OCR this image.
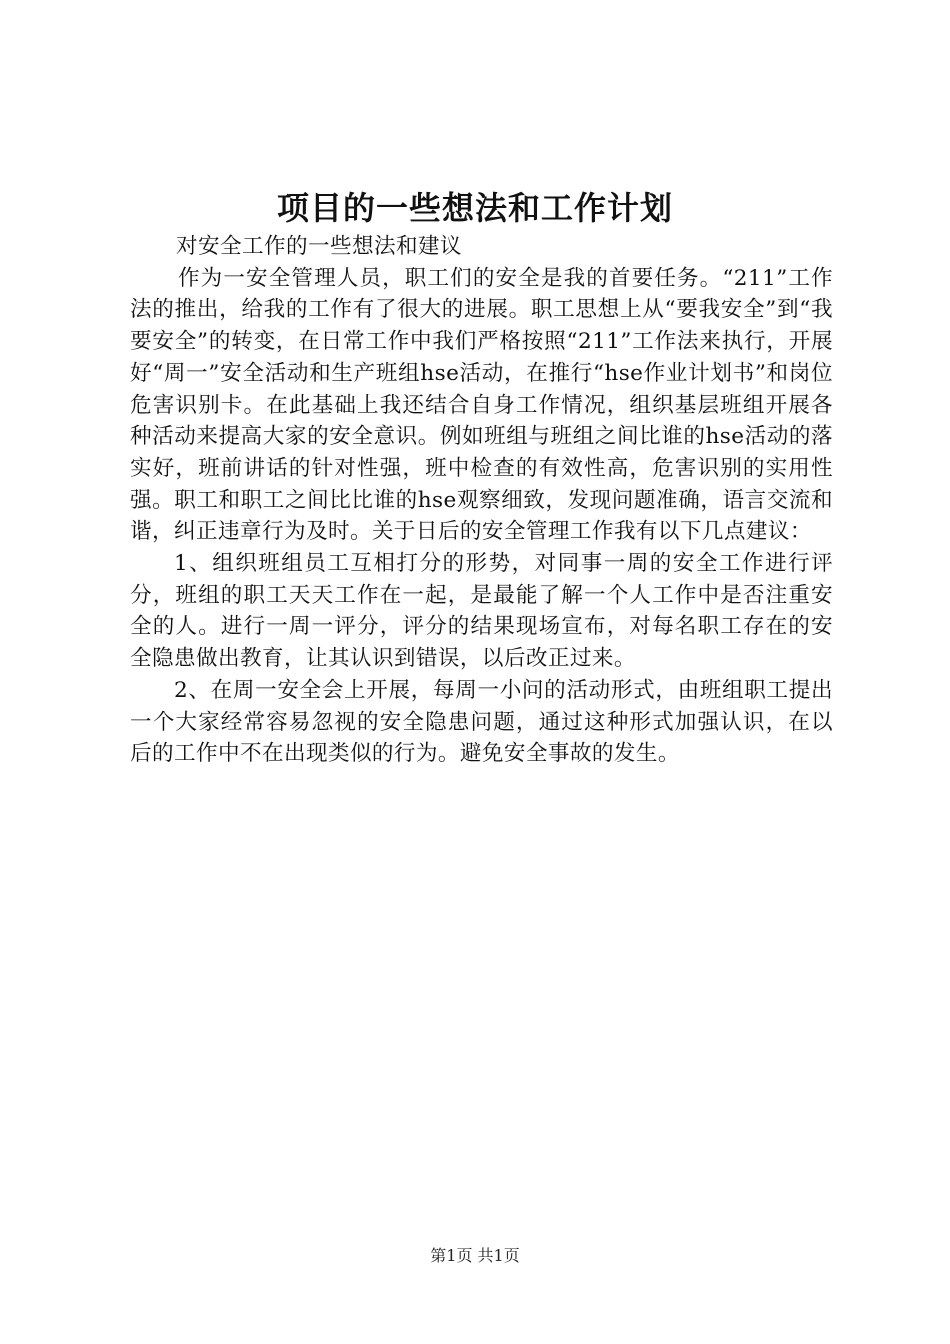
项目的一些想法和工作计划

对安全工作的一些想法和建议

作为一安全管理人员，职工们的安全是我的首要任务。“211”工作法的推出，给我的工作有了很大的进展。职工思想上从“要我安全”到“我要安全”的转变，在日常工作中我们严格按照“211”工作法来执行，开展好“周一”安全活动和生产班组hse活动，在推行“hse作业计划书”和岗位危害识别卡。在此基础上我还结合自身工作情况，组织基层班组开展各种活动来提高大家的安全意识。例如班组与班组之间比谁的hse活动的落实好，班前讲话的针对性强，班中检查的有效性高，危害识别的实用性强。职工和职工之间比比谁的hse观察细致，发现问题准确，语言交流和谐，纠正违章行为及时。关于日后的安全管理工作我有以下几点建议：

1、组织班组员工互相打分的形势，对同事一周的安全工作进行评分，班组的职工天天工作在一起，是最能了解一个人工作中是否注重安全的人。进行一周一评分，评分的结果现场宣布，对每名职工存在的安全隐患做出教育，让其认识到错误，以后改正过来。

2、在周一安全会上开展，每周一小问的活动形式，由班组职工提出一个大家经常容易忽视的安全隐患问题，通过这种形式加强认识，在以后的工作中不在出现类似的行为。避免安全事故的发生。

第1页 共1页
